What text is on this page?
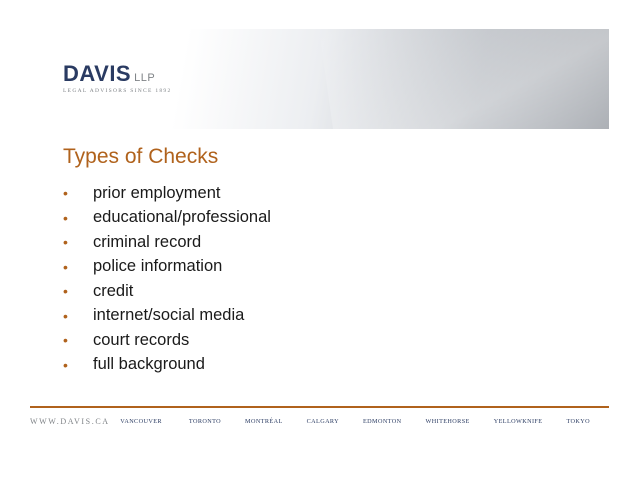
DAVIS LLP
LEGAL ADVISORS SINCE 1892
Types of Checks
•	prior employment
•	educational/professional
•	criminal record
•	police information
•	credit
•	internet/social media
•	court records
•	full background
WWW.DAVIS.CA	VANCOUVER	TORONTO	MONTRÉAL	CALGARY	EDMONTON	WHITEHORSE	YELLOWKNIFE	TOKYO
